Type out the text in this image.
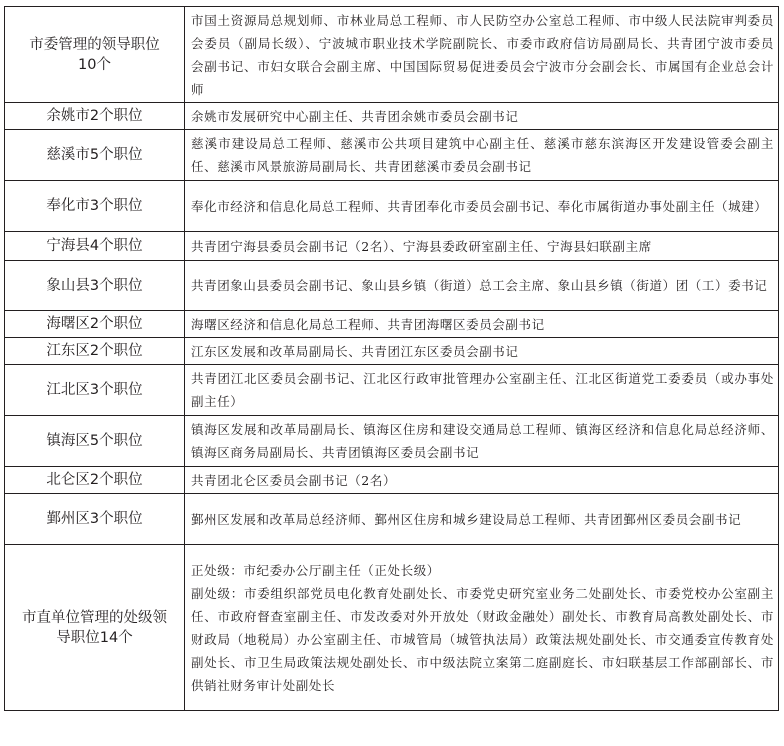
市委管理的领导职位10个	市国土资源局总规划师、市林业局总工程师、市人民防空办公室总工程师、市中级人民法院审判委员会委员（副局长级）、宁波城市职业技术学院副院长、市委市政府信访局副局长、共青团宁波市委员会副书记、市妇女联合会副主席、中国国际贸易促进委员会宁波市分会副会长、市属国有企业总会计师
余姚市2个职位	余姚市发展研究中心副主任、共青团余姚市委员会副书记
慈溪市5个职位	慈溪市建设局总工程师、慈溪市公共项目建筑中心副主任、慈溪市慈东滨海区开发建设管委会副主任、慈溪市风景旅游局副局长、共青团慈溪市委员会副书记
奉化市3个职位	奉化市经济和信息化局总工程师、共青团奉化市委员会副书记、奉化市属街道办事处副主任（城建）
宁海县4个职位	共青团宁海县委员会副书记（2名）、宁海县委政研室副主任、宁海县妇联副主席
象山县3个职位	共青团象山县委员会副书记、象山县乡镇（街道）总工会主席、象山县乡镇（街道）团（工）委书记
海曙区2个职位	海曙区经济和信息化局总工程师、共青团海曙区委员会副书记
江东区2个职位	江东区发展和改革局副局长、共青团江东区委员会副书记
江北区3个职位	共青团江北区委员会副书记、江北区行政审批管理办公室副主任、江北区街道党工委委员（或办事处副主任）
镇海区5个职位	镇海区发展和改革局副局长、镇海区住房和建设交通局总工程师、镇海区经济和信息化局总经济师、镇海区商务局副局长、共青团镇海区委员会副书记
北仑区2个职位	共青团北仑区委员会副书记（2名）
鄞州区3个职位	鄞州区发展和改革局总经济师、鄞州区住房和城乡建设局总工程师、共青团鄞州区委员会副书记
市直单位管理的处级领导职位14个	正处级：市纪委办公厅副主任（正处长级）
副处级：市委组织部党员电化教育处副处长、市委党史研究室业务二处副处长、市委党校办公室副主任、市政府督查室副主任、市发改委对外开放处（财政金融处）副处长、市教育局高教处副处长、市财政局（地税局）办公室副主任、市城管局（城管执法局）政策法规处副处长、市交通委宣传教育处副处长、市卫生局政策法规处副处长、市中级法院立案第二庭副庭长、市妇联基层工作部副部长、市供销社财务审计处副处长
